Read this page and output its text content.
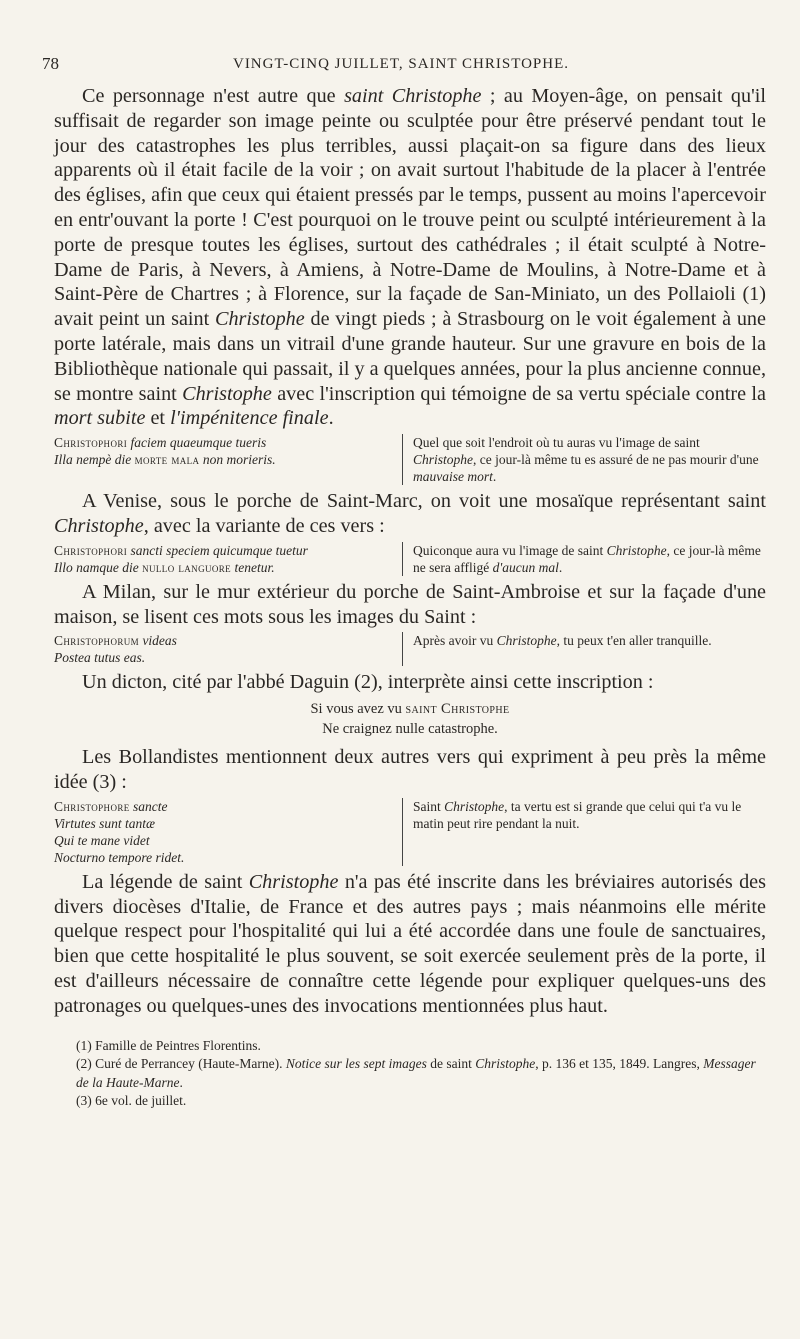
78	VINGT-CINQ JUILLET, SAINT CHRISTOPHE.

Ce personnage n'est autre que saint Christophe ; au Moyen-âge, on pensait qu'il suffisait de regarder son image peinte ou sculptée pour être préservé pendant tout le jour des catastrophes les plus terribles, aussi plaçait-on sa figure dans des lieux apparents où il était facile de la voir ; on avait surtout l'habitude de la placer à l'entrée des églises, afin que ceux qui étaient pressés par le temps, pussent au moins l'apercevoir en entr'ouvant la porte ! C'est pourquoi on le trouve peint ou sculpté intérieurement à la porte de presque toutes les églises, surtout des cathédrales ; il était sculpté à Notre-Dame de Paris, à Nevers, à Amiens, à Notre-Dame de Moulins, à Notre-Dame et à Saint-Père de Chartres ; à Florence, sur la façade de San-Miniato, un des Pollaioli (1) avait peint un saint Christophe de vingt pieds ; à Strasbourg on le voit également à une porte latérale, mais dans un vitrail d'une grande hauteur. Sur une gravure en bois de la Bibliothèque nationale qui passait, il y a quelques années, pour la plus ancienne connue, se montre saint Christophe avec l'inscription qui témoigne de sa vertu spéciale contre la mort subite et l'impénitence finale.

Christophori faciem quaeumque tueris
Illa nempè die morte mala non morieris.
Quel que soit l'endroit où tu auras vu l'image de saint Christophe, ce jour-là même tu es assuré de ne pas mourir d'une mauvaise mort.

A Venise, sous le porche de Saint-Marc, on voit une mosaïque représentant saint Christophe, avec la variante de ces vers :

Christophori sancti speciem quicumque tuetur
Illo namque die nullo languore tenetur.
Quiconque aura vu l'image de saint Christophe, ce jour-là même ne sera affligé d'aucun mal.

A Milan, sur le mur extérieur du porche de Saint-Ambroise et sur la façade d'une maison, se lisent ces mots sous les images du Saint :

Christophorum videas
Postea tutus eas.
Après avoir vu Christophe, tu peux t'en aller tranquille.

Un dicton, cité par l'abbé Daguin (2), interprète ainsi cette inscription :

Si vous avez vu saint Christophe
Ne craignez nulle catastrophe.

Les Bollandistes mentionnent deux autres vers qui expriment à peu près la même idée (3) :

Christophore sancte
Virtutes sunt tantæ
Qui te mane videt
Nocturno tempore ridet.
Saint Christophe, ta vertu est si grande que celui qui t'a vu le matin peut rire pendant la nuit.

La légende de saint Christophe n'a pas été inscrite dans les bréviaires autorisés des divers diocèses d'Italie, de France et des autres pays ; mais néanmoins elle mérite quelque respect pour l'hospitalité qui lui a été accordée dans une foule de sanctuaires, bien que cette hospitalité le plus souvent, se soit exercée seulement près de la porte, il est d'ailleurs nécessaire de connaître cette légende pour expliquer quelques-uns des patronages ou quelques-unes des invocations mentionnées plus haut.

(1) Famille de Peintres Florentins.
(2) Curé de Perrancey (Haute-Marne). Notice sur les sept images de saint Christophe, p. 136 et 135, 1849. Langres, Messager de la Haute-Marne.
(3) 6e vol. de juillet.
